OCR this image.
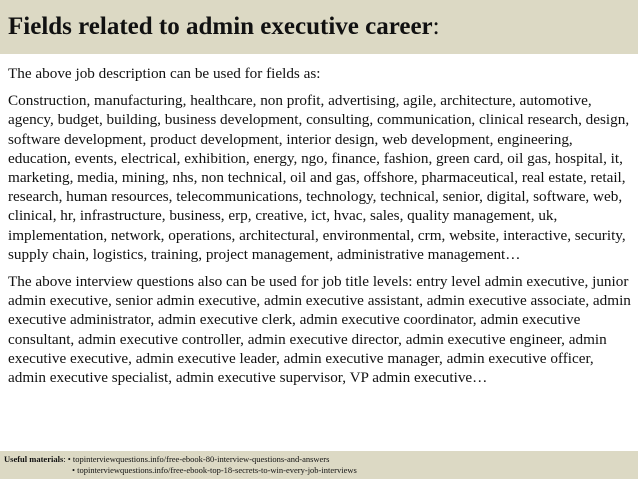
Fields related to admin executive career:

The above job description can be used for fields as:

Construction, manufacturing, healthcare, non profit, advertising, agile, architecture, automotive, agency, budget, building, business development, consulting, communication, clinical research, design, software development, product development, interior design, web development, engineering, education, events, electrical, exhibition, energy, ngo, finance, fashion, green card, oil gas, hospital, it, marketing, media, mining, nhs, non technical, oil and gas, offshore, pharmaceutical, real estate, retail, research, human resources, telecommunications, technology, technical, senior, digital, software, web, clinical, hr, infrastructure, business, erp, creative, ict, hvac, sales, quality management, uk, implementation, network, operations, architectural, environmental, crm, website, interactive, security, supply chain, logistics, training, project management, administrative management…

The above interview questions also can be used for job title levels: entry level admin executive, junior admin executive, senior admin executive, admin executive assistant, admin executive associate, admin executive administrator, admin executive clerk, admin executive coordinator, admin executive consultant, admin executive controller, admin executive director, admin executive engineer, admin executive executive, admin executive leader, admin executive manager, admin executive officer, admin executive specialist, admin executive supervisor, VP admin executive…

Useful materials :
• topinterviewquestions.info/free-ebook-80-interview-questions-and-answers
• topinterviewquestions.info/free-ebook-top-18-secrets-to-win-every-job-interviews
